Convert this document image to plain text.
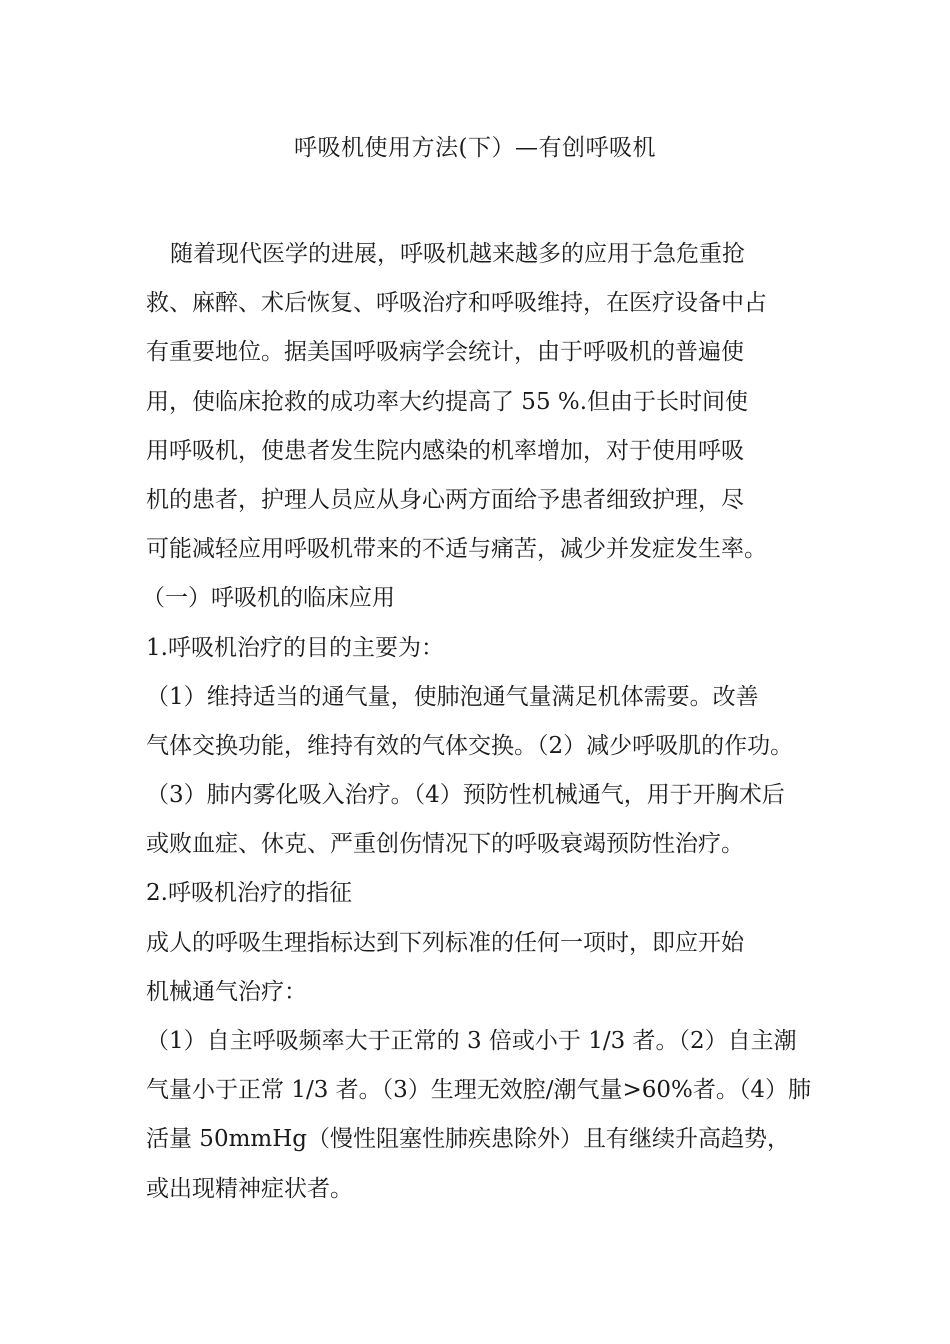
呼吸机使用方法(下）—有创呼吸机
随着现代医学的进展，呼吸机越来越多的应用于急危重抢
救、麻醉、术后恢复、呼吸治疗和呼吸维持，在医疗设备中占
有重要地位。据美国呼吸病学会统计，由于呼吸机的普遍使
用，使临床抢救的成功率大约提高了 55 %.但由于长时间使
用呼吸机，使患者发生院内感染的机率增加，对于使用呼吸
机的患者，护理人员应从身心两方面给予患者细致护理，尽
可能减轻应用呼吸机带来的不适与痛苦，减少并发症发生率。
（一）呼吸机的临床应用
1.呼吸机治疗的目的主要为：
（1）维持适当的通气量，使肺泡通气量满足机体需要。改善
气体交换功能，维持有效的气体交换。（2）减少呼吸肌的作功。
（3）肺内雾化吸入治疗。（4）预防性机械通气，用于开胸术后
或败血症、休克、严重创伤情况下的呼吸衰竭预防性治疗。
2.呼吸机治疗的指征
成人的呼吸生理指标达到下列标准的任何一项时，即应开始
机械通气治疗：
（1）自主呼吸频率大于正常的 3 倍或小于 1/3 者。（2）自主潮
气量小于正常 1/3 者。（3）生理无效腔/潮气量>60%者。（4）肺
活量 50mmHg（慢性阻塞性肺疾患除外）且有继续升高趋势，
或出现精神症状者。
